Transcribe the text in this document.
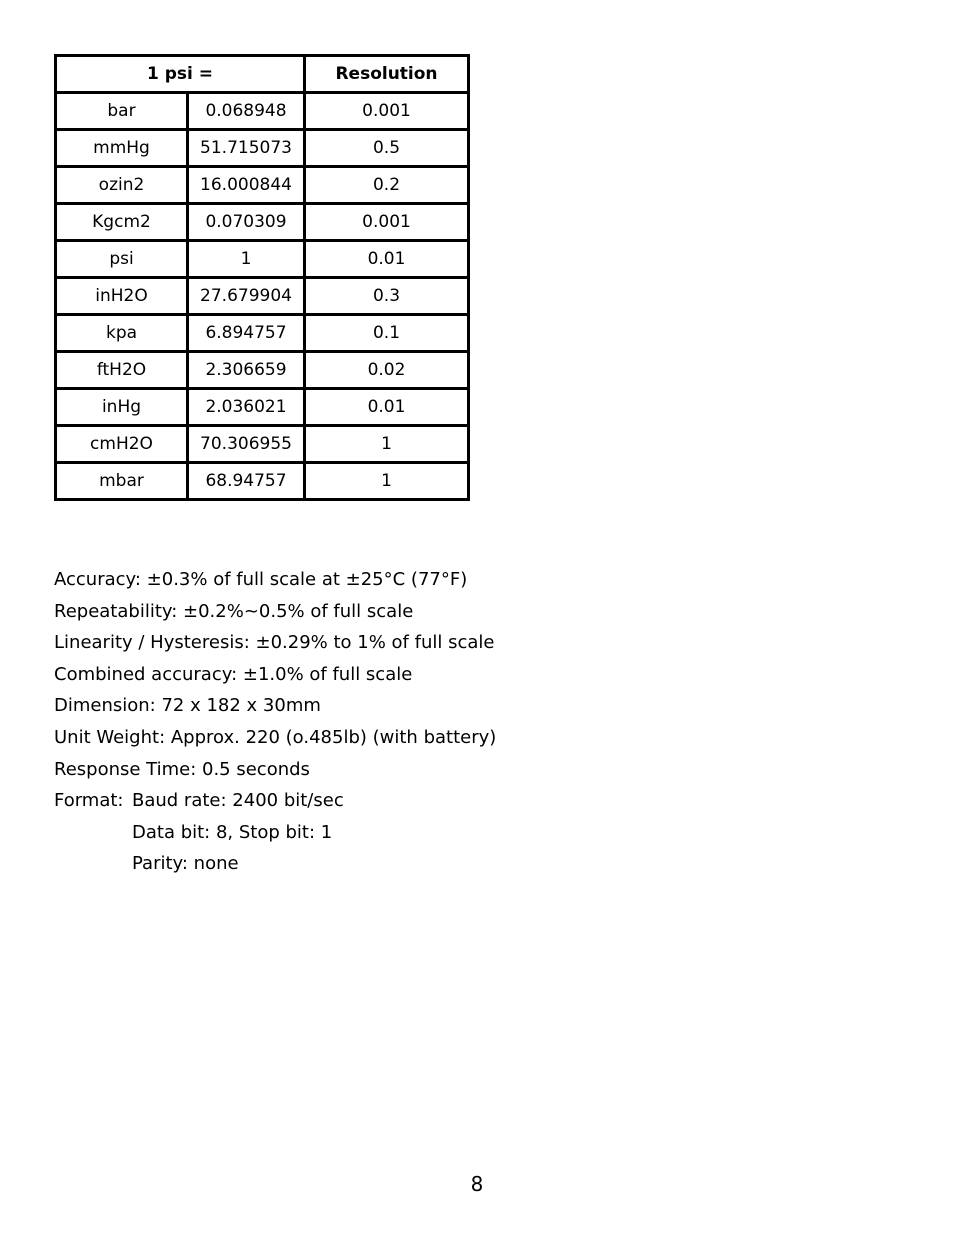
1 psi =		Resolution
bar	0.068948	0.001
mmHg	51.715073	0.5
ozin2	16.000844	0.2
Kgcm2	0.070309	0.001
psi	1	0.01
inH2O	27.679904	0.3
kpa	6.894757	0.1
ftH2O	2.306659	0.02
inHg	2.036021	0.01
cmH2O	70.306955	1
mbar	68.94757	1
Accuracy: ±0.3% of full scale at ±25°C (77°F)
Repeatability: ±0.2%~0.5% of full scale
Linearity / Hysteresis: ±0.29% to 1% of full scale
Combined accuracy: ±1.0% of full scale
Dimension: 72 x 182 x 30mm
Unit Weight: Approx. 220 (o.485lb) (with battery)
Response Time: 0.5 seconds
Format: Baud rate: 2400 bit/sec
Data bit: 8, Stop bit: 1
Parity: none
8
